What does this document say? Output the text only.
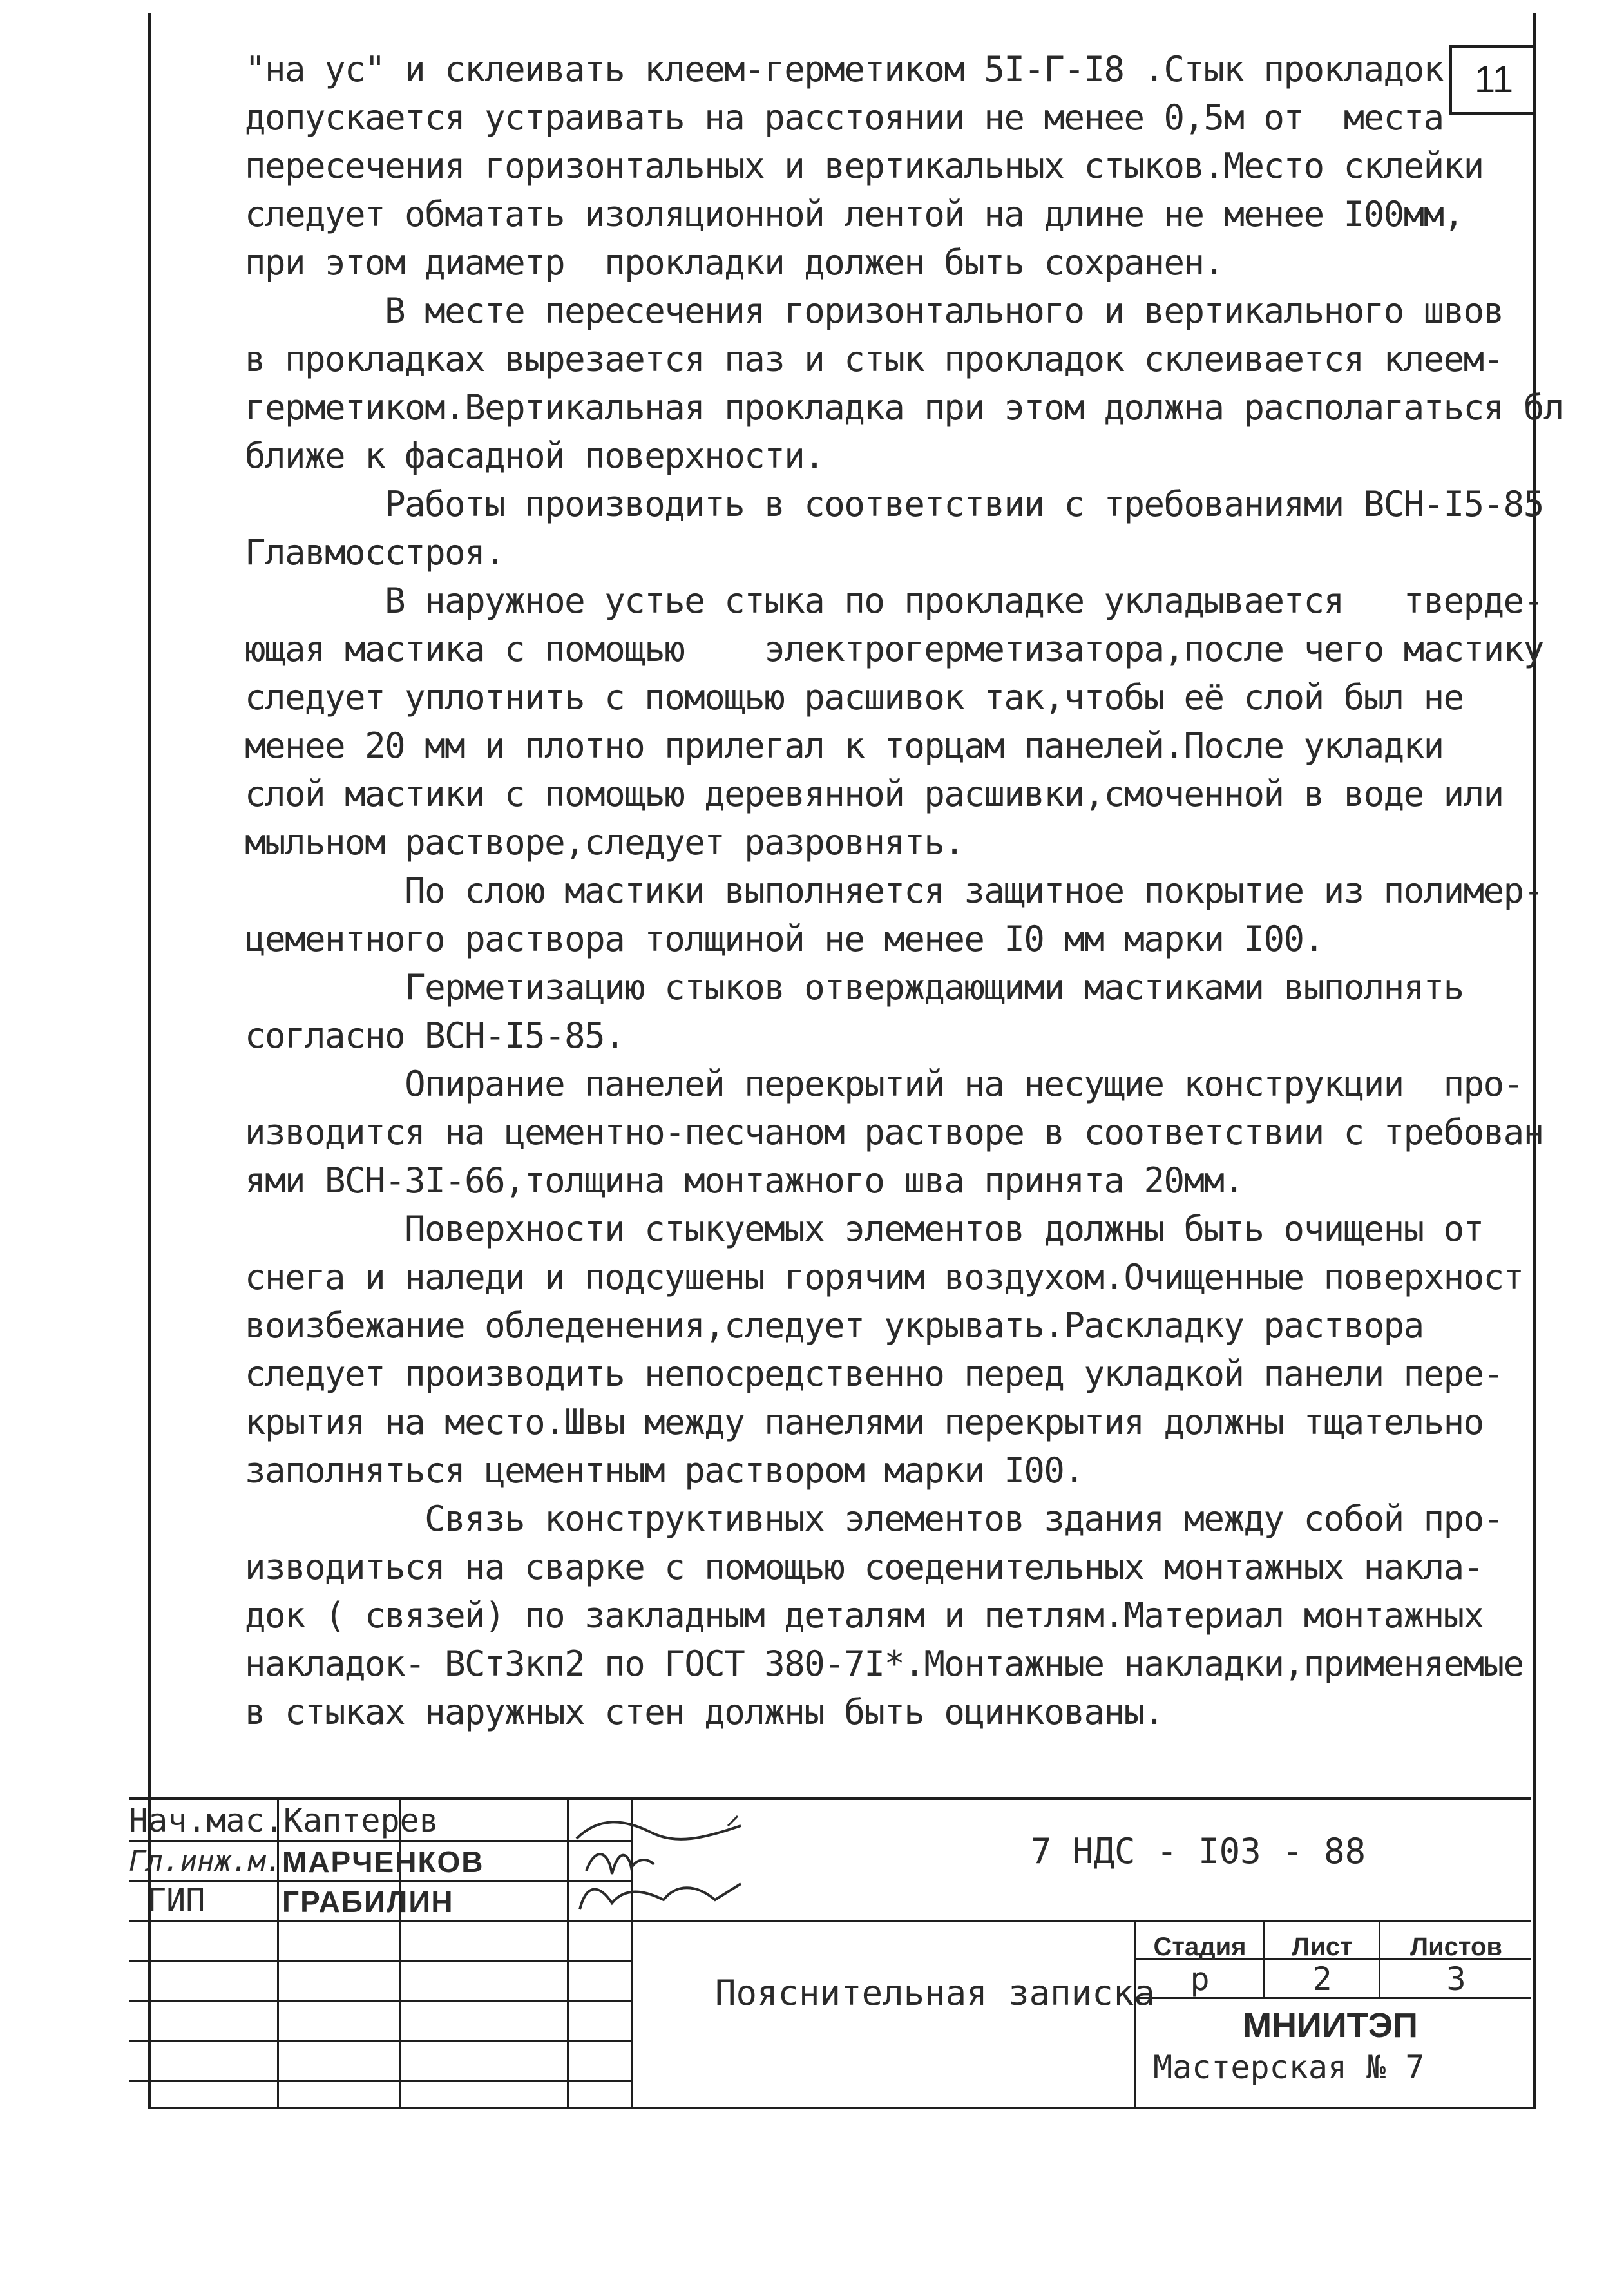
11
"на ус" и склеивать клеем-герметиком 5I-Г-I8 .Стык прокладок
допускается устраивать на расстоянии не менее 0,5м от  места
пересечения горизонтальных и вертикальных стыков.Место склейки
следует обматать изоляционной лентой на длине не менее I00мм,
при этом диаметр  прокладки должен быть сохранен.
В месте пересечения горизонтального и вертикального швов
в прокладках вырезается паз и стык прокладок склеивается клеем-
герметиком.Вертикальная прокладка при этом должна располагаться бл
ближе к фасадной поверхности.
Работы производить в соответствии с требованиями ВСН-I5-85
Главмосстроя.
В наружное устье стыка по прокладке укладывается   тверде-
ющая мастика с помощью    электрогерметизатора,после чего мастику
следует уплотнить с помощью расшивок так,чтобы её слой был не
менее 20 мм и плотно прилегал к торцам панелей.После укладки
слой мастики с помощью деревянной расшивки,смоченной в воде или
мыльном растворе,следует разровнять.
По слою мастики выполняется защитное покрытие из полимер-
цементного раствора толщиной не менее I0 мм марки I00.
Герметизацию стыков отверждающими мастиками выполнять
согласно ВСН-I5-85.
Опирание панелей перекрытий на несущие конструкции  про-
изводится на цементно-песчаном растворе в соответствии с требован
ями ВСН-3I-66,толщина монтажного шва принята 20мм.
Поверхности стыкуемых элементов должны быть очищены от
снега и наледи и подсушены горячим воздухом.Очищенные поверхност
воизбежание обледенения,следует укрывать.Раскладку раствора
следует производить непосредственно перед укладкой панели пере-
крытия на место.Швы между панелями перекрытия должны тщательно
заполняться цементным раствором марки I00.
Связь конструктивных элементов здания между собой про-
изводиться на сварке с помощью соеденительных монтажных накла-
док ( связей) по закладным деталям и петлям.Материал монтажных
накладок- ВСт3кп2 по ГОСТ 380-7I*.Монтажные накладки,применяемые
в стыках наружных стен должны быть оцинкованы.
Нач.мас. Каптерев
Гл.инж.м. МАРЧЕНКОВ
ГИП	ГРАБИЛИН
7 НДС - I03 - 88
Пояснительная записка
Стадия	Лист	Листов
р	2	3
МНИИТЭП
Мастерская № 7
